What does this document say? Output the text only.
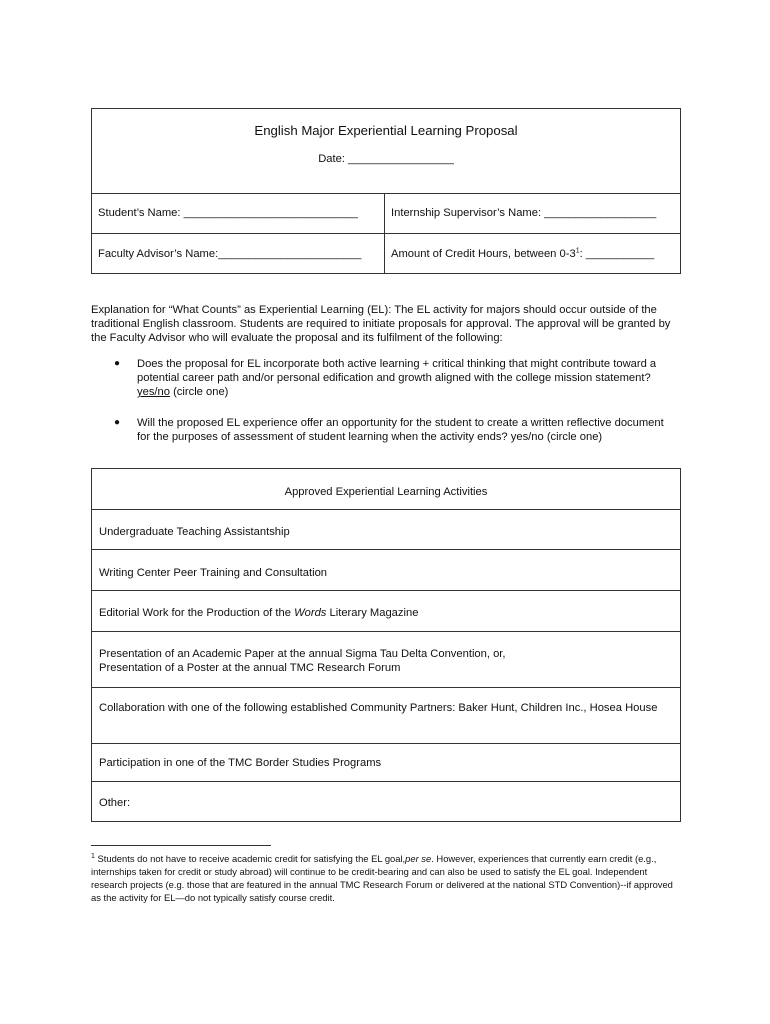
English Major Experiential Learning Proposal
Date: _________________
Student’s Name: ____________________________	Internship Supervisor’s Name: __________________
Faculty Advisor’s Name:_______________________	Amount of Credit Hours, between $0-3^1$: ___________
Explanation for “What Counts” as Experiential Learning (EL): The EL activity for majors should occur outside of the traditional English classroom. Students are required to initiate proposals for approval. The approval will be granted by the Faculty Advisor who will evaluate the proposal and its fulfilment of the following:
● Does the proposal for EL incorporate both active learning + critical thinking that might contribute toward a potential career path and/or personal edification and growth aligned with the college mission statement?
yes/no (circle one)
● Will the proposed EL experience offer an opportunity for the student to create a written reflective document for the purposes of assessment of student learning when the activity ends? yes/no (circle one)
Approved Experiential Learning Activities
Undergraduate Teaching Assistantship
Writing Center Peer Training and Consultation
Editorial Work for the Production of the Words Literary Magazine
Presentation of an Academic Paper at the annual Sigma Tau Delta Convention, or,
Presentation of a Poster at the annual TMC Research Forum
Collaboration with one of the following established Community Partners: Baker Hunt, Children Inc., Hosea House
Participation in one of the TMC Border Studies Programs
Other:
$^1$ Students do not have to receive academic credit for satisfying the EL goal,per se. However, experiences that currently earn credit (e.g., internships taken for credit or study abroad) will continue to be credit-bearing and can also be used to satisfy the EL goal. Independent research projects (e.g. those that are featured in the annual TMC Research Forum or delivered at the national STD Convention)--if approved as the activity for EL—do not typically satisfy course credit.
